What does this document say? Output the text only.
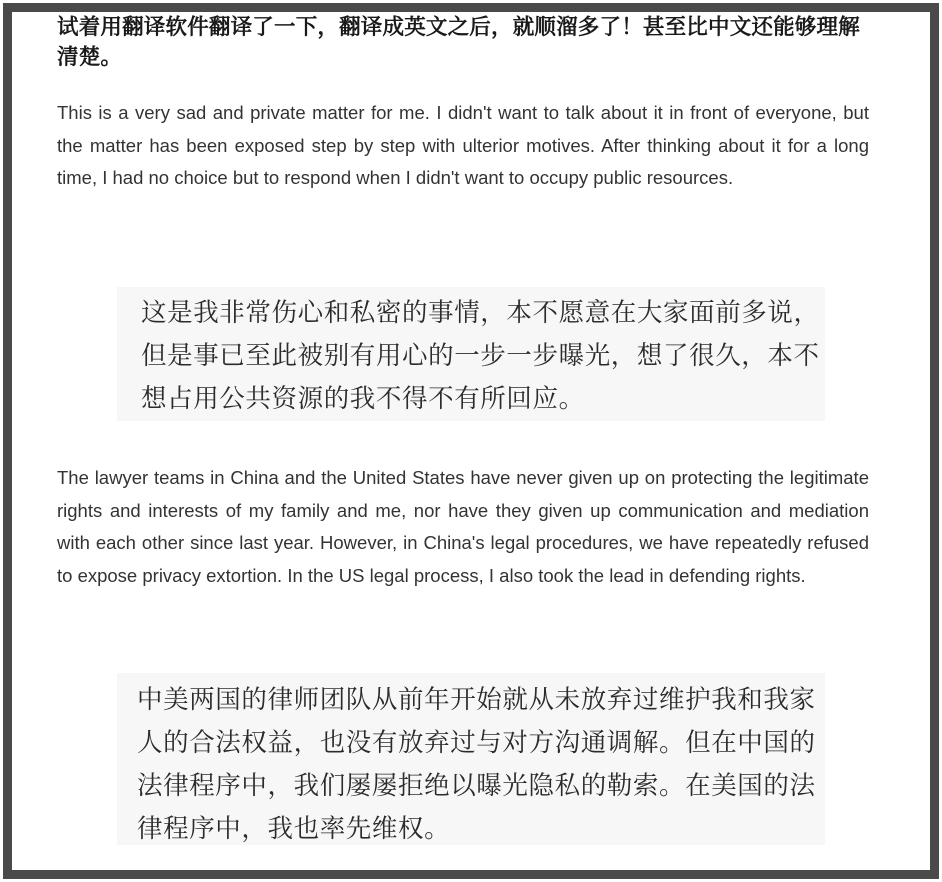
试着用翻译软件翻译了一下，翻译成英文之后，就顺溜多了！甚至比中文还能够理解清楚。

This is a very sad and private matter for me. I didn't want to talk about it in front of everyone, but the matter has been exposed step by step with ulterior motives. After thinking about it for a long time, I had no choice but to respond when I didn't want to occupy public resources.

这是我非常伤心和私密的事情，本不愿意在大家面前多说，但是事已至此被别有用心的一步一步曝光，想了很久，本不想占用公共资源的我不得不有所回应。

The lawyer teams in China and the United States have never given up on protecting the legitimate rights and interests of my family and me, nor have they given up communication and mediation with each other since last year. However, in China's legal procedures, we have repeatedly refused to expose privacy extortion. In the US legal process, I also took the lead in defending rights.

中美两国的律师团队从前年开始就从未放弃过维护我和我家人的合法权益，也没有放弃过与对方沟通调解。但在中国的法律程序中，我们屡屡拒绝以曝光隐私的勒索。在美国的法律程序中，我也率先维权。
